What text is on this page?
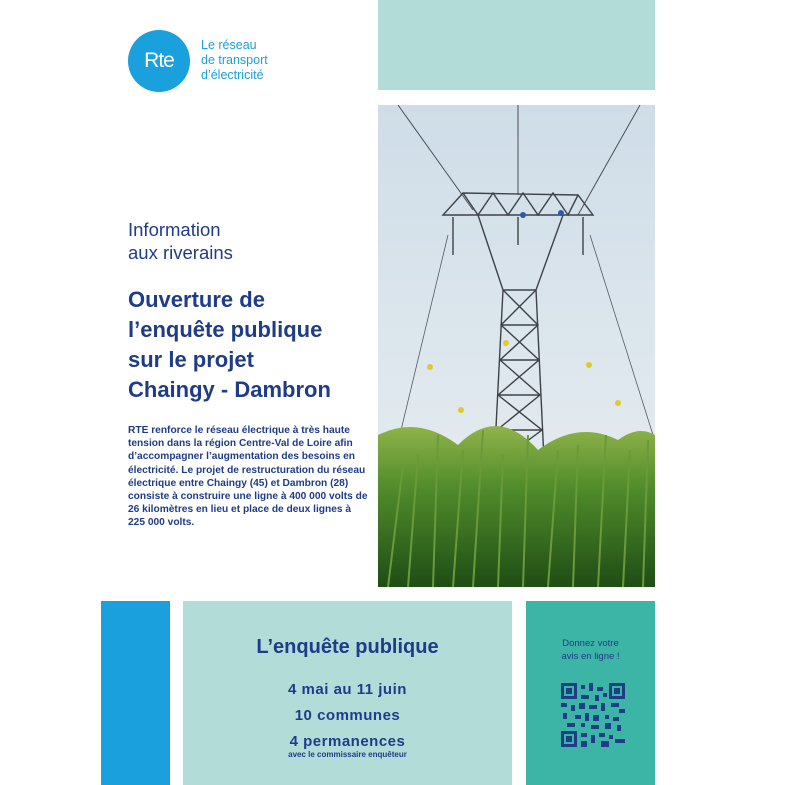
Rte
Le réseau
de transport
d’électricité
Information
aux riverains
Ouverture de
l’enquête publique
sur le projet
Chaingy - Dambron
RTE renforce le réseau électrique à très haute tension dans la région Centre-Val de Loire afin d’accompagner l’augmentation des besoins en électricité. Le projet de restructuration du réseau électrique entre Chaingy (45) et Dambron (28) consiste à construire une ligne à 400 000 volts de 26 kilomètres en lieu et place de deux lignes à 225 000 volts.
L’enquête publique
4 mai au 11 juin
10 communes
4 permanences
avec le commissaire enquêteur
Donnez votre
avis en ligne !
